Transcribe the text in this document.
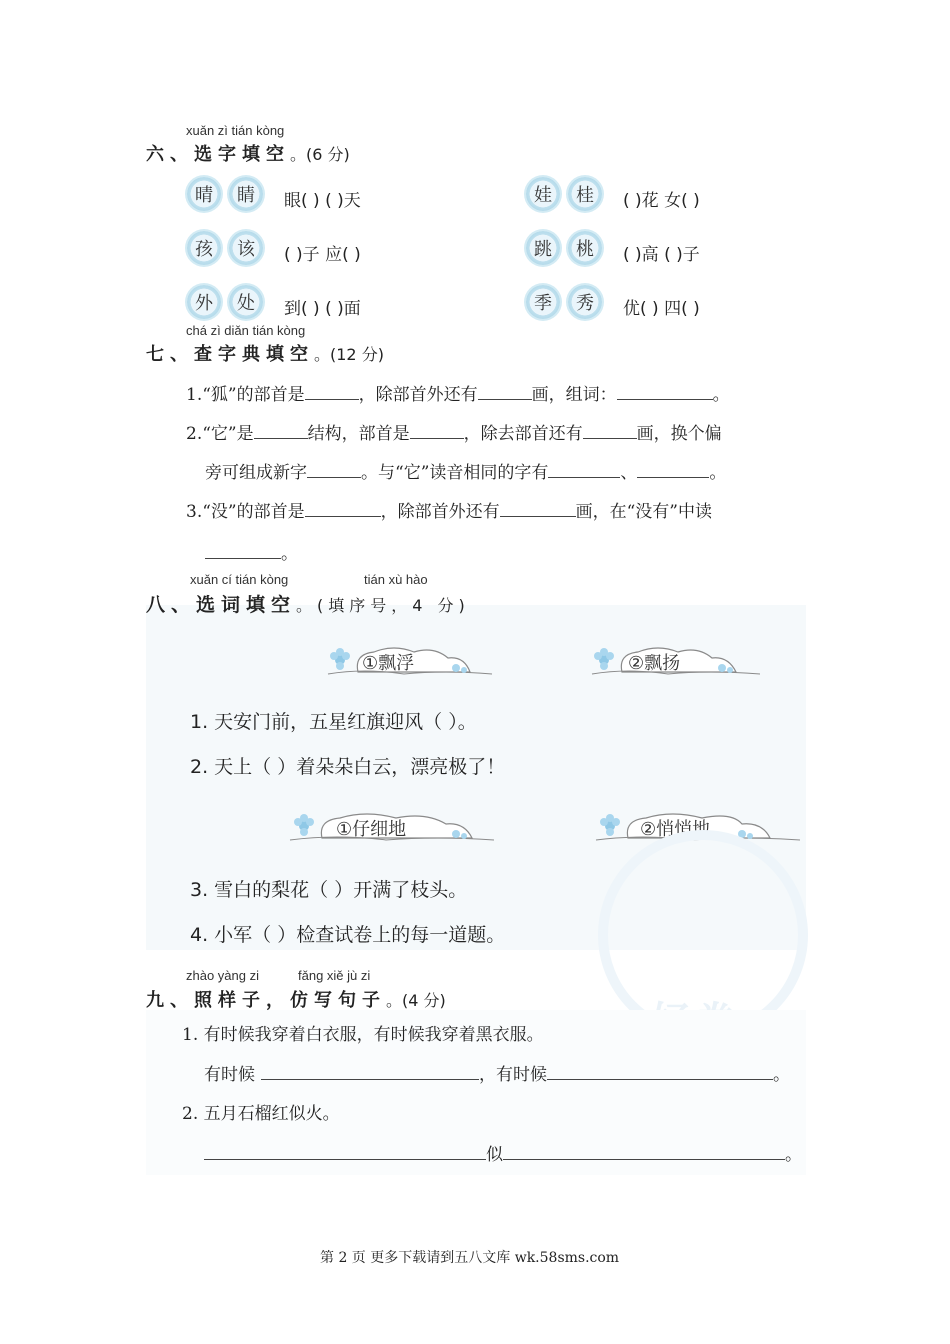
xuǎn zì tián kòng
六、选字填空。(6 分)
晴 睛 眼( ) ( )天	娃 桂 ( )花 女( )
孩 该 ( )子 应( )	跳 桃 ( )高 ( )子
外 处 到( ) ( )面	季 秀 优( ) 四( )
chá zì diǎn tián kòng
七、查字典填空。(12 分)
1.“狐”的部首是	，除部首外还有	画，组词：	。
2.“它”是	结构，部首是	，除去部首还有	画，换个偏
旁可组成新字	。与“它”读音相同的字有	、	。
3.“没”的部首是	，除部首外还有	画，在“没有”中读
。
xuǎn cí tián kòng	tián xù hào
八、选词填空。(填序号，4 分)
①飘浮	②飘扬
1. 天安门前，五星红旗迎风（ ）。
2. 天上（ ）着朵朵白云，漂亮极了！
①仔细地	②悄悄地
3. 雪白的梨花（ ）开满了枝头。
4. 小军（ ）检查试卷上的每一道题。
zhào yàng zi	fǎng xiě jù zi
九、照样子，仿写句子。(4 分)
1. 有时候我穿着白衣服，有时候我穿着黑衣服。
有时候	，有时候	。
2. 五月石榴红似火。
似	。
第 2 页 更多下载请到五八文库 wk.58sms.com
